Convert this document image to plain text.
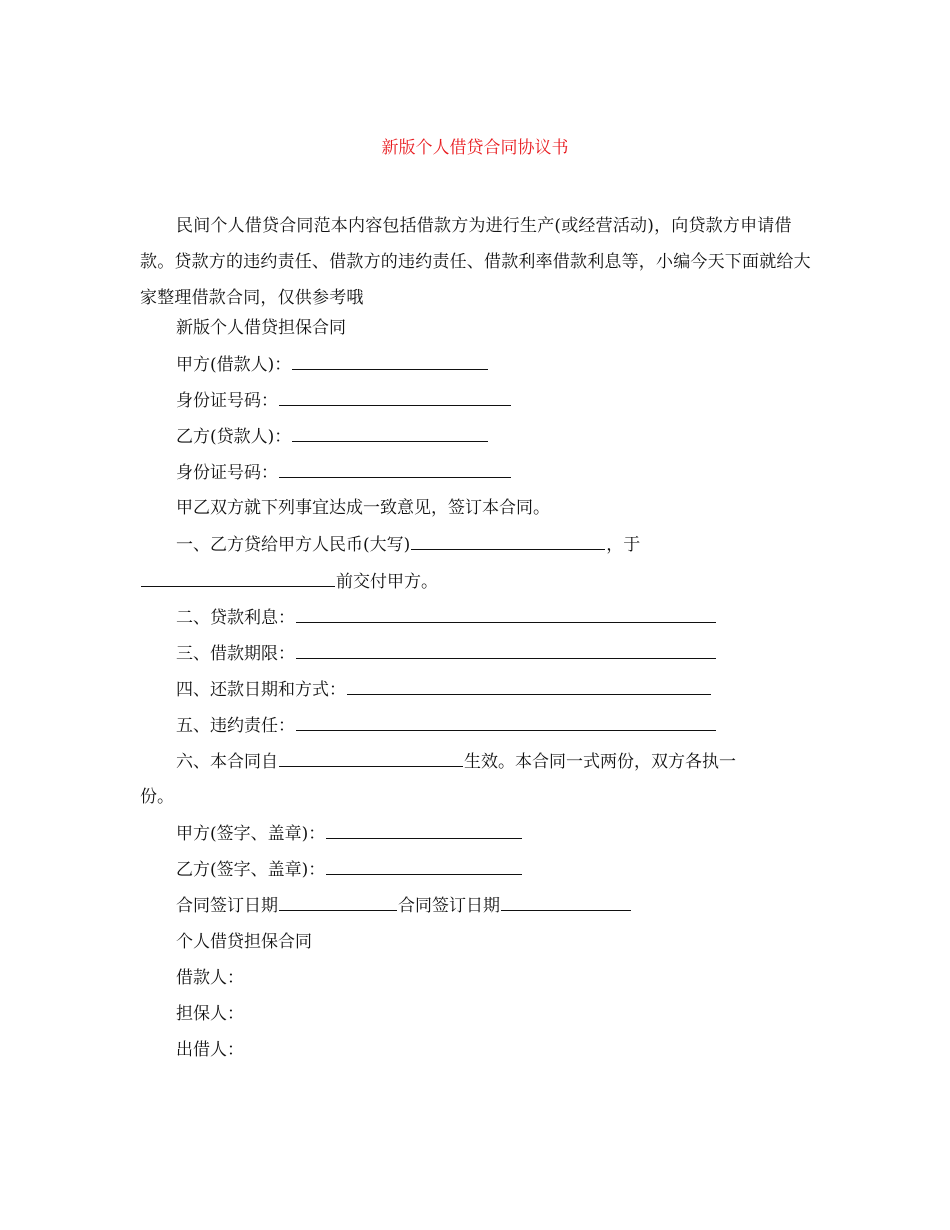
新版个人借贷合同协议书
民间个人借贷合同范本内容包括借款方为进行生产(或经营活动)，向贷款方申请借款。贷款方的违约责任、借款方的违约责任、借款利率借款利息等，小编今天下面就给大家整理借款合同，仅供参考哦
新版个人借贷担保合同
甲方(借款人)：
身份证号码：
乙方(贷款人)：
身份证号码：
甲乙双方就下列事宜达成一致意见，签订本合同。
一、乙方贷给甲方人民币(大写)	，于
前交付甲方。
二、贷款利息：
三、借款期限：
四、还款日期和方式：
五、违约责任：
六、本合同自	生效。本合同一式两份，双方各执一
份。
甲方(签字、盖章)：
乙方(签字、盖章)：
合同签订日期	合同签订日期
个人借贷担保合同
借款人：
担保人：
出借人：
